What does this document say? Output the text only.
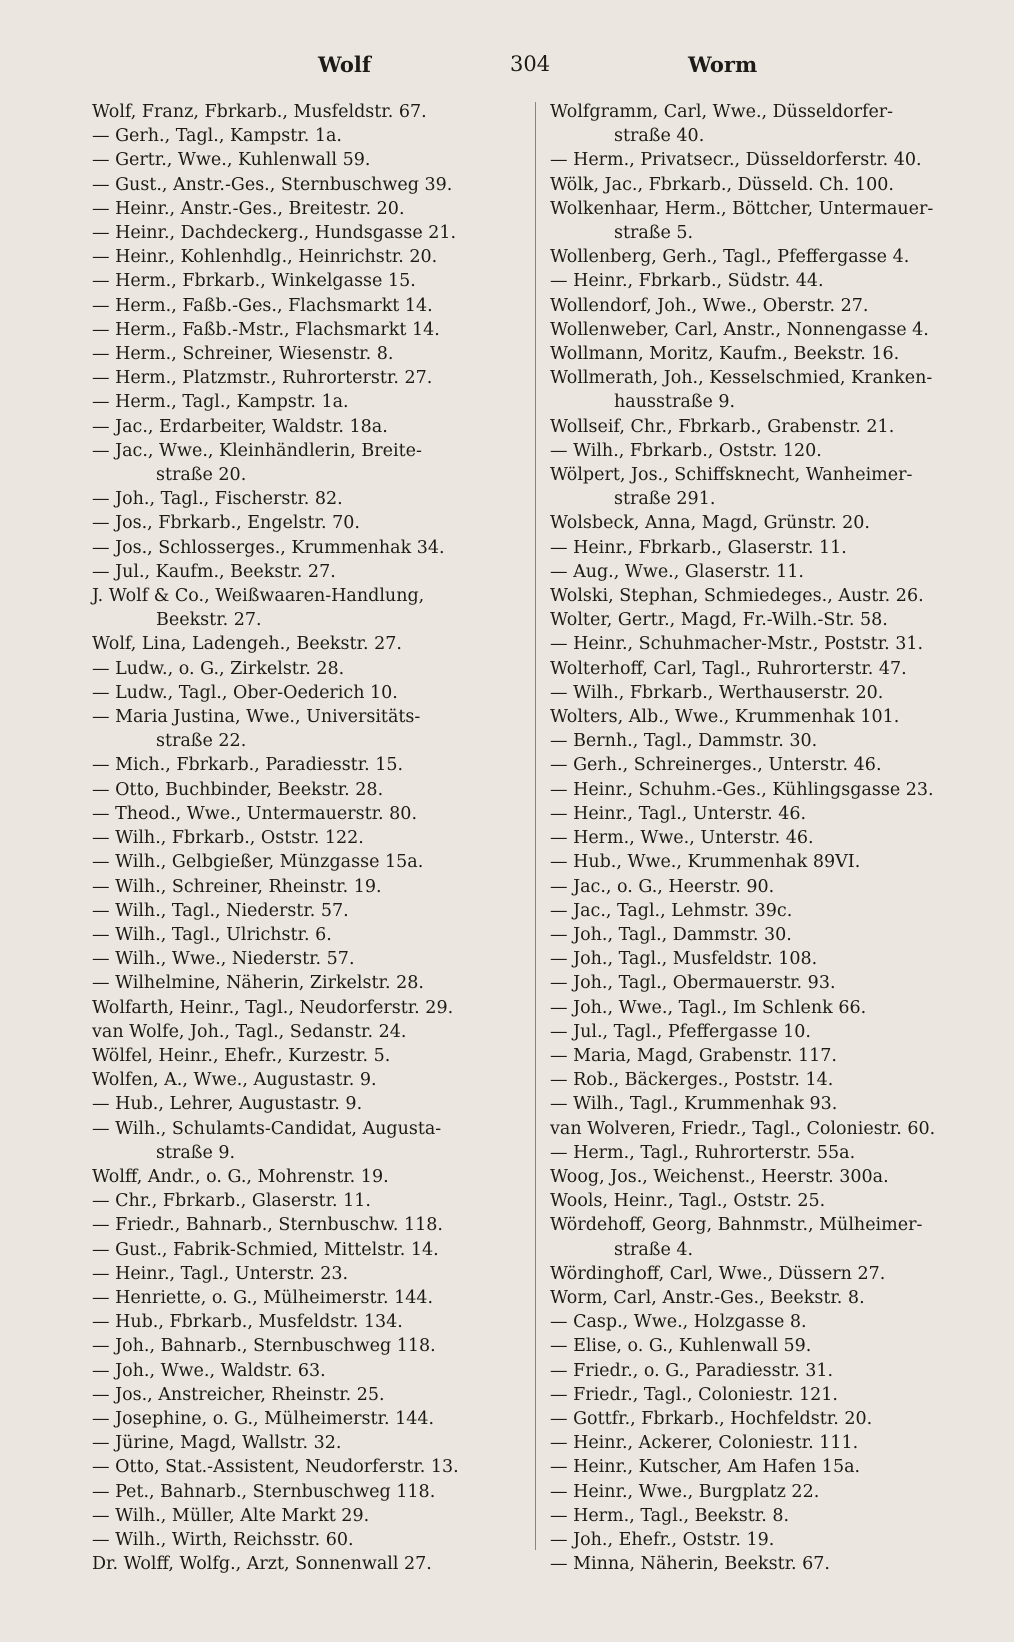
Wolf	304	Worm
Wolf, Franz, Fbrkarb., Musfeldstr. 67.
— Gerh., Tagl., Kampstr. 1a.
— Gertr., Wwe., Kuhlenwall 59.
— Gust., Anstr.-Ges., Sternbuschweg 39.
— Heinr., Anstr.-Ges., Breitestr. 20.
— Heinr., Dachdeckerg., Hundsgasse 21.
— Heinr., Kohlenhdlg., Heinrichstr. 20.
— Herm., Fbrkarb., Winkelgasse 15.
— Herm., Faßb.-Ges., Flachsmarkt 14.
— Herm., Faßb.-Mstr., Flachsmarkt 14.
— Herm., Schreiner, Wiesenstr. 8.
— Herm., Platzmstr., Ruhrorterstr. 27.
— Herm., Tagl., Kampstr. 1a.
— Jac., Erdarbeiter, Waldstr. 18a.
— Jac., Wwe., Kleinhändlerin, Breite-
straße 20.
— Joh., Tagl., Fischerstr. 82.
— Jos., Fbrkarb., Engelstr. 70.
— Jos., Schlosserges., Krummenhak 34.
— Jul., Kaufm., Beekstr. 27.
J. Wolf & Co., Weißwaaren-Handlung,
Beekstr. 27.
Wolf, Lina, Ladengeh., Beekstr. 27.
— Ludw., o. G., Zirkelstr. 28.
— Ludw., Tagl., Ober-Oederich 10.
— Maria Justina, Wwe., Universitäts-
straße 22.
— Mich., Fbrkarb., Paradiesstr. 15.
— Otto, Buchbinder, Beekstr. 28.
— Theod., Wwe., Untermauerstr. 80.
— Wilh., Fbrkarb., Oststr. 122.
— Wilh., Gelbgießer, Münzgasse 15a.
— Wilh., Schreiner, Rheinstr. 19.
— Wilh., Tagl., Niederstr. 57.
— Wilh., Tagl., Ulrichstr. 6.
— Wilh., Wwe., Niederstr. 57.
— Wilhelmine, Näherin, Zirkelstr. 28.
Wolfarth, Heinr., Tagl., Neudorferstr. 29.
van Wolfe, Joh., Tagl., Sedanstr. 24.
Wölfel, Heinr., Ehefr., Kurzestr. 5.
Wolfen, A., Wwe., Augustastr. 9.
— Hub., Lehrer, Augustastr. 9.
— Wilh., Schulamts-Candidat, Augusta-
straße 9.
Wolff, Andr., o. G., Mohrenstr. 19.
— Chr., Fbrkarb., Glaserstr. 11.
— Friedr., Bahnarb., Sternbuschw. 118.
— Gust., Fabrik-Schmied, Mittelstr. 14.
— Heinr., Tagl., Unterstr. 23.
— Henriette, o. G., Mülheimerstr. 144.
— Hub., Fbrkarb., Musfeldstr. 134.
— Joh., Bahnarb., Sternbuschweg 118.
— Joh., Wwe., Waldstr. 63.
— Jos., Anstreicher, Rheinstr. 25.
— Josephine, o. G., Mülheimerstr. 144.
— Jürine, Magd, Wallstr. 32.
— Otto, Stat.-Assistent, Neudorferstr. 13.
— Pet., Bahnarb., Sternbuschweg 118.
— Wilh., Müller, Alte Markt 29.
— Wilh., Wirth, Reichsstr. 60.
Dr. Wolff, Wolfg., Arzt, Sonnenwall 27.
Wolfgramm, Carl, Wwe., Düsseldorfer-
straße 40.
— Herm., Privatsecr., Düsseldorferstr. 40.
Wölk, Jac., Fbrkarb., Düsseld. Ch. 100.
Wolkenhaar, Herm., Böttcher, Untermauer-
straße 5.
Wollenberg, Gerh., Tagl., Pfeffergasse 4.
— Heinr., Fbrkarb., Südstr. 44.
Wollendorf, Joh., Wwe., Oberstr. 27.
Wollenweber, Carl, Anstr., Nonnengasse 4.
Wollmann, Moritz, Kaufm., Beekstr. 16.
Wollmerath, Joh., Kesselschmied, Kranken-
hausstraße 9.
Wollseif, Chr., Fbrkarb., Grabenstr. 21.
— Wilh., Fbrkarb., Oststr. 120.
Wölpert, Jos., Schiffsknecht, Wanheimer-
straße 291.
Wolsbeck, Anna, Magd, Grünstr. 20.
— Heinr., Fbrkarb., Glaserstr. 11.
— Aug., Wwe., Glaserstr. 11.
Wolski, Stephan, Schmiedeges., Austr. 26.
Wolter, Gertr., Magd, Fr.-Wilh.-Str. 58.
— Heinr., Schuhmacher-Mstr., Poststr. 31.
Wolterhoff, Carl, Tagl., Ruhrorterstr. 47.
— Wilh., Fbrkarb., Werthauserstr. 20.
Wolters, Alb., Wwe., Krummenhak 101.
— Bernh., Tagl., Dammstr. 30.
— Gerh., Schreinerges., Unterstr. 46.
— Heinr., Schuhm.-Ges., Kühlingsgasse 23.
— Heinr., Tagl., Unterstr. 46.
— Herm., Wwe., Unterstr. 46.
— Hub., Wwe., Krummenhak 89VI.
— Jac., o. G., Heerstr. 90.
— Jac., Tagl., Lehmstr. 39c.
— Joh., Tagl., Dammstr. 30.
— Joh., Tagl., Musfeldstr. 108.
— Joh., Tagl., Obermauerstr. 93.
— Joh., Wwe., Tagl., Im Schlenk 66.
— Jul., Tagl., Pfeffergasse 10.
— Maria, Magd, Grabenstr. 117.
— Rob., Bäckerges., Poststr. 14.
— Wilh., Tagl., Krummenhak 93.
van Wolveren, Friedr., Tagl., Coloniestr. 60.
— Herm., Tagl., Ruhrorterstr. 55a.
Woog, Jos., Weichenst., Heerstr. 300a.
Wools, Heinr., Tagl., Oststr. 25.
Wördehoff, Georg, Bahnmstr., Mülheimer-
straße 4.
Wördinghoff, Carl, Wwe., Düssern 27.
Worm, Carl, Anstr.-Ges., Beekstr. 8.
— Casp., Wwe., Holzgasse 8.
— Elise, o. G., Kuhlenwall 59.
— Friedr., o. G., Paradiesstr. 31.
— Friedr., Tagl., Coloniestr. 121.
— Gottfr., Fbrkarb., Hochfeldstr. 20.
— Heinr., Ackerer, Coloniestr. 111.
— Heinr., Kutscher, Am Hafen 15a.
— Heinr., Wwe., Burgplatz 22.
— Herm., Tagl., Beekstr. 8.
— Joh., Ehefr., Oststr. 19.
— Minna, Näherin, Beekstr. 67.
